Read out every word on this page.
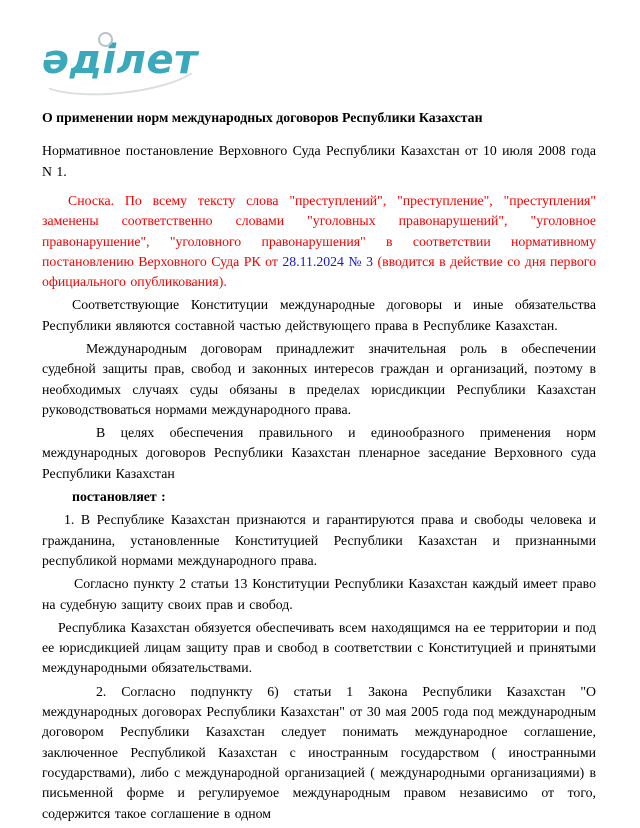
әділет
О применении норм международных договоров Республики Казахстан

Нормативное постановление Верховного Суда Республики Казахстан от 10 июля 2008 года N 1.

Сноска. По всему тексту слова "преступлений", "преступление", "преступления" заменены соответственно словами "уголовных правонарушений", "уголовное правонарушение", "уголовного правонарушения" в соответствии нормативному постановлению Верховного Суда РК от 28.11.2024 № 3 (вводится в действие со дня первого официального опубликования).

Соответствующие Конституции международные договоры и иные обязательства Республики являются составной частью действующего права в Республике Казахстан.

Международным договорам принадлежит значительная роль в обеспечении судебной защиты прав, свобод и законных интересов граждан и организаций, поэтому в необходимых случаях суды обязаны в пределах юрисдикции Республики Казахстан руководствоваться нормами международного права.

В целях обеспечения правильного и единообразного применения норм международных договоров Республики Казахстан пленарное заседание Верховного суда Республики Казахстан

постановляет :

1. В Республике Казахстан признаются и гарантируются права и свободы человека и гражданина, установленные Конституцией Республики Казахстан и признанными республикой нормами международного права.

Согласно пункту 2 статьи 13 Конституции Республики Казахстан каждый имеет право на судебную защиту своих прав и свобод.

Республика Казахстан обязуется обеспечивать всем находящимся на ее территории и под ее юрисдикцией лицам защиту прав и свобод в соответствии с Конституцией и принятыми международными обязательствами.

2. Согласно подпункту 6) статьи 1 Закона Республики Казахстан "О международных договорах Республики Казахстан" от 30 мая 2005 года под международным договором Республики Казахстан следует понимать международное соглашение, заключенное Республикой Казахстан с иностранным государством ( иностранными государствами), либо с международной организацией ( международными организациями) в письменной форме и регулируемое международным правом независимо от того, содержится такое соглашение в одном
